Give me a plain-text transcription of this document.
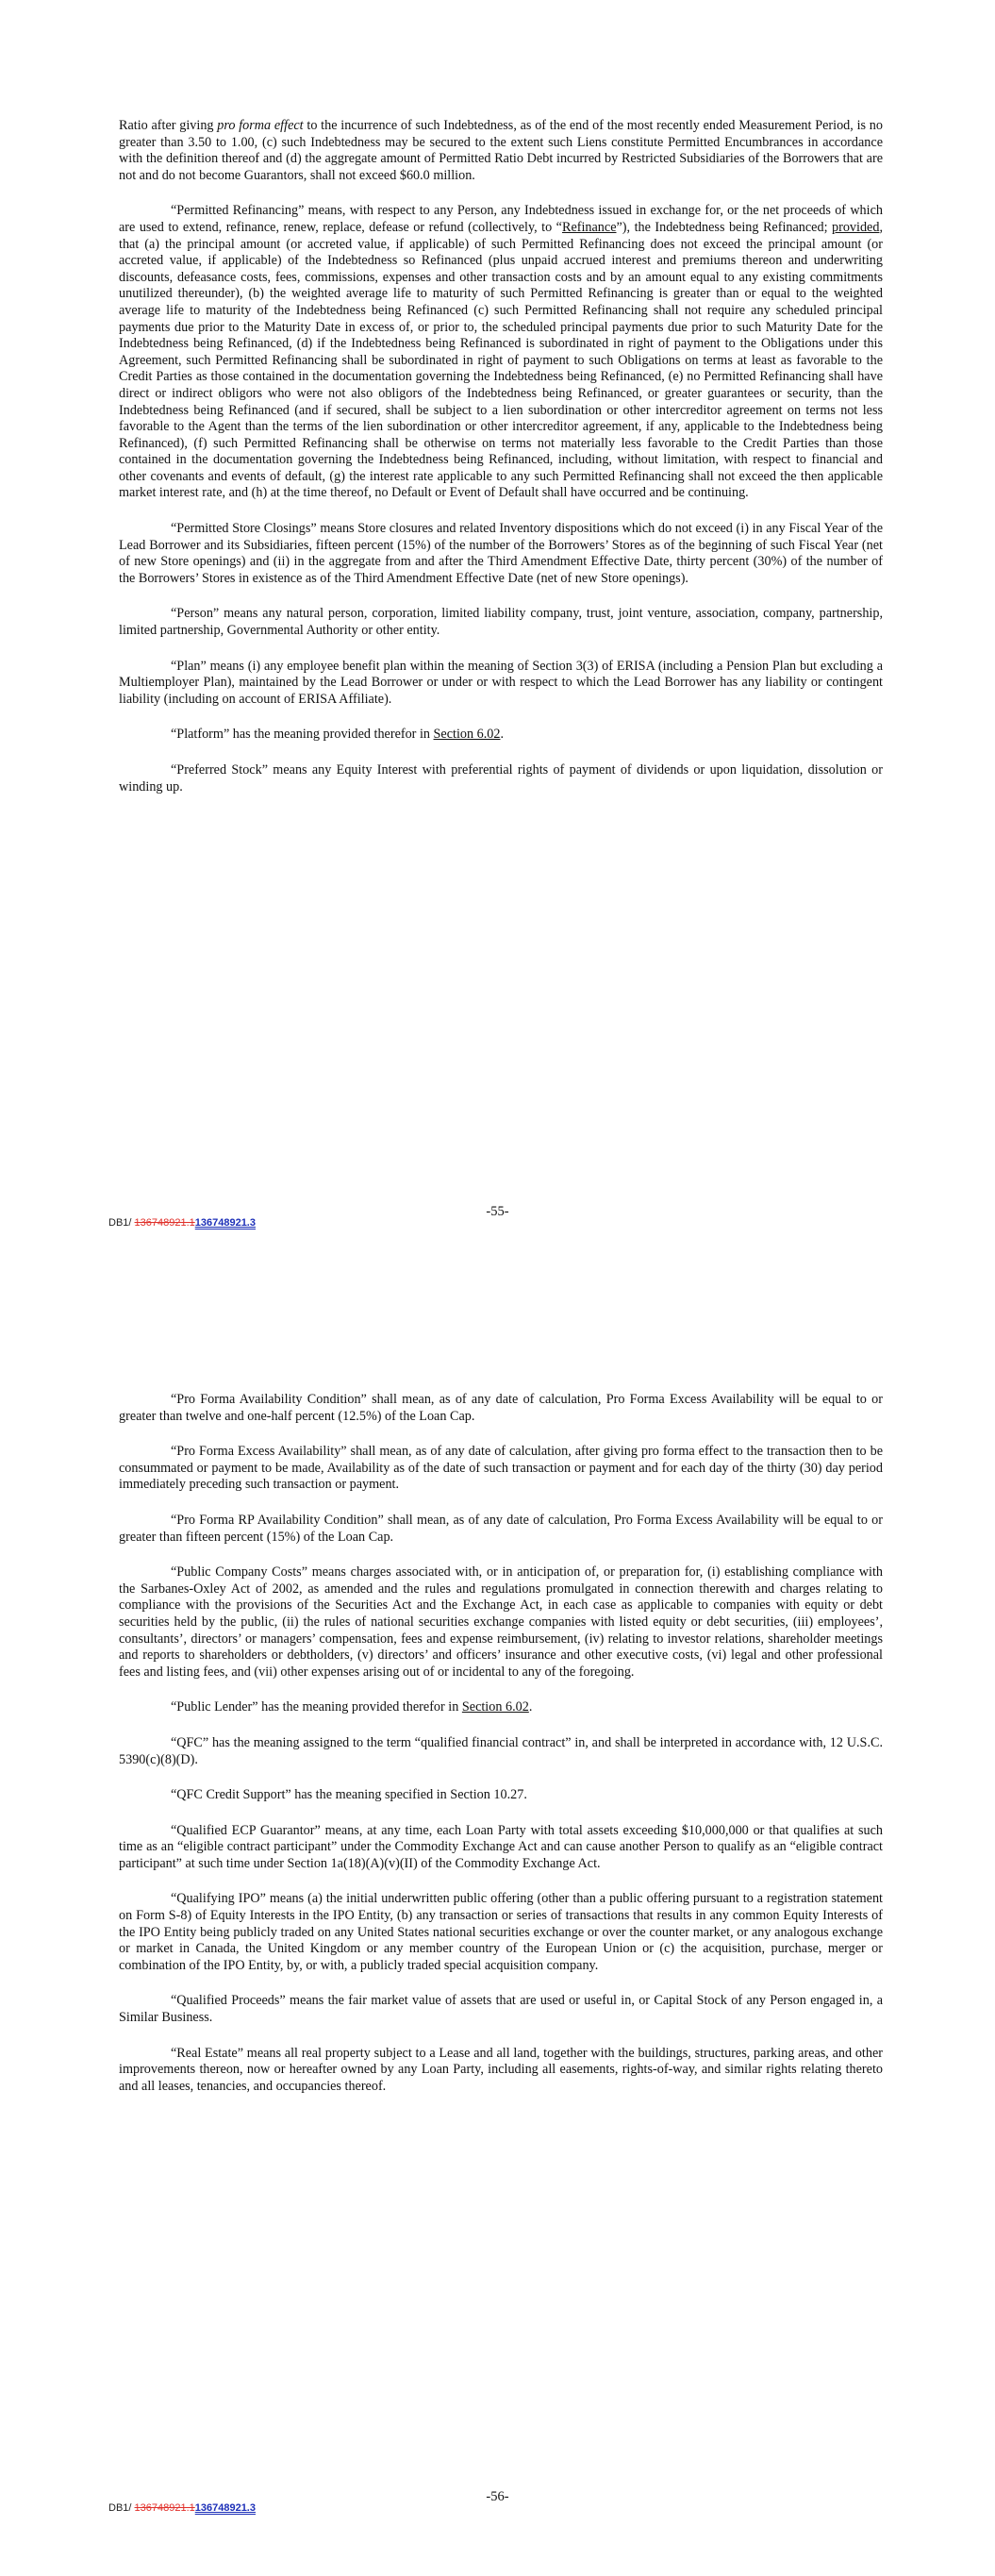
Ratio after giving pro forma effect to the incurrence of such Indebtedness, as of the end of the most recently ended Measurement Period, is no greater than 3.50 to 1.00, (c) such Indebtedness may be secured to the extent such Liens constitute Permitted Encumbrances in accordance with the definition thereof and (d) the aggregate amount of Permitted Ratio Debt incurred by Restricted Subsidiaries of the Borrowers that are not and do not become Guarantors, shall not exceed $60.0 million.

“Permitted Refinancing” means, with respect to any Person, any Indebtedness issued in exchange for, or the net proceeds of which are used to extend, refinance, renew, replace, defease or refund (collectively, to “Refinance”), the Indebtedness being Refinanced; provided, that (a) the principal amount (or accreted value, if applicable) of such Permitted Refinancing does not exceed the principal amount (or accreted value, if applicable) of the Indebtedness so Refinanced (plus unpaid accrued interest and premiums thereon and underwriting discounts, defeasance costs, fees, commissions, expenses and other transaction costs and by an amount equal to any existing commitments unutilized thereunder), (b) the weighted average life to maturity of such Permitted Refinancing is greater than or equal to the weighted average life to maturity of the Indebtedness being Refinanced (c) such Permitted Refinancing shall not require any scheduled principal payments due prior to the Maturity Date in excess of, or prior to, the scheduled principal payments due prior to such Maturity Date for the Indebtedness being Refinanced, (d) if the Indebtedness being Refinanced is subordinated in right of payment to the Obligations under this Agreement, such Permitted Refinancing shall be subordinated in right of payment to such Obligations on terms at least as favorable to the Credit Parties as those contained in the documentation governing the Indebtedness being Refinanced, (e) no Permitted Refinancing shall have direct or indirect obligors who were not also obligors of the Indebtedness being Refinanced, or greater guarantees or security, than the Indebtedness being Refinanced (and if secured, shall be subject to a lien subordination or other intercreditor agreement on terms not less favorable to the Agent than the terms of the lien subordination or other intercreditor agreement, if any, applicable to the Indebtedness being Refinanced), (f) such Permitted Refinancing shall be otherwise on terms not materially less favorable to the Credit Parties than those contained in the documentation governing the Indebtedness being Refinanced, including, without limitation, with respect to financial and other covenants and events of default, (g) the interest rate applicable to any such Permitted Refinancing shall not exceed the then applicable market interest rate, and (h) at the time thereof, no Default or Event of Default shall have occurred and be continuing.

“Permitted Store Closings” means Store closures and related Inventory dispositions which do not exceed (i) in any Fiscal Year of the Lead Borrower and its Subsidiaries, fifteen percent (15%) of the number of the Borrowers’ Stores as of the beginning of such Fiscal Year (net of new Store openings) and (ii) in the aggregate from and after the Third Amendment Effective Date, thirty percent (30%) of the number of the Borrowers’ Stores in existence as of the Third Amendment Effective Date (net of new Store openings).

“Person” means any natural person, corporation, limited liability company, trust, joint venture, association, company, partnership, limited partnership, Governmental Authority or other entity.

“Plan” means (i) any employee benefit plan within the meaning of Section 3(3) of ERISA (including a Pension Plan but excluding a Multiemployer Plan), maintained by the Lead Borrower or under or with respect to which the Lead Borrower has any liability or contingent liability (including on account of ERISA Affiliate).

“Platform” has the meaning provided therefor in Section 6.02.

“Preferred Stock” means any Equity Interest with preferential rights of payment of dividends or upon liquidation, dissolution or winding up.

-55-
DB1/ 136748921.1136748921.3

“Pro Forma Availability Condition” shall mean, as of any date of calculation, Pro Forma Excess Availability will be equal to or greater than twelve and one-half percent (12.5%) of the Loan Cap.

“Pro Forma Excess Availability” shall mean, as of any date of calculation, after giving pro forma effect to the transaction then to be consummated or payment to be made, Availability as of the date of such transaction or payment and for each day of the thirty (30) day period immediately preceding such transaction or payment.

“Pro Forma RP Availability Condition” shall mean, as of any date of calculation, Pro Forma Excess Availability will be equal to or greater than fifteen percent (15%) of the Loan Cap.

“Public Company Costs” means charges associated with, or in anticipation of, or preparation for, (i) establishing compliance with the Sarbanes-Oxley Act of 2002, as amended and the rules and regulations promulgated in connection therewith and charges relating to compliance with the provisions of the Securities Act and the Exchange Act, in each case as applicable to companies with equity or debt securities held by the public, (ii) the rules of national securities exchange companies with listed equity or debt securities, (iii) employees’, consultants’, directors’ or managers’ compensation, fees and expense reimbursement, (iv) relating to investor relations, shareholder meetings and reports to shareholders or debtholders, (v) directors’ and officers’ insurance and other executive costs, (vi) legal and other professional fees and listing fees, and (vii) other expenses arising out of or incidental to any of the foregoing.

“Public Lender” has the meaning provided therefor in Section 6.02.

“QFC” has the meaning assigned to the term “qualified financial contract” in, and shall be interpreted in accordance with, 12 U.S.C. 5390(c)(8)(D).

“QFC Credit Support” has the meaning specified in Section 10.27.

“Qualified ECP Guarantor” means, at any time, each Loan Party with total assets exceeding $10,000,000 or that qualifies at such time as an “eligible contract participant” under the Commodity Exchange Act and can cause another Person to qualify as an “eligible contract participant” at such time under Section 1a(18)(A)(v)(II) of the Commodity Exchange Act.

“Qualifying IPO” means (a) the initial underwritten public offering (other than a public offering pursuant to a registration statement on Form S-8) of Equity Interests in the IPO Entity, (b) any transaction or series of transactions that results in any common Equity Interests of the IPO Entity being publicly traded on any United States national securities exchange or over the counter market, or any analogous exchange or market in Canada, the United Kingdom or any member country of the European Union or (c) the acquisition, purchase, merger or combination of the IPO Entity, by, or with, a publicly traded special acquisition company.

“Qualified Proceeds” means the fair market value of assets that are used or useful in, or Capital Stock of any Person engaged in, a Similar Business.

“Real Estate” means all real property subject to a Lease and all land, together with the buildings, structures, parking areas, and other improvements thereon, now or hereafter owned by any Loan Party, including all easements, rights-of-way, and similar rights relating thereto and all leases, tenancies, and occupancies thereof.

-56-
DB1/ 136748921.1136748921.3
